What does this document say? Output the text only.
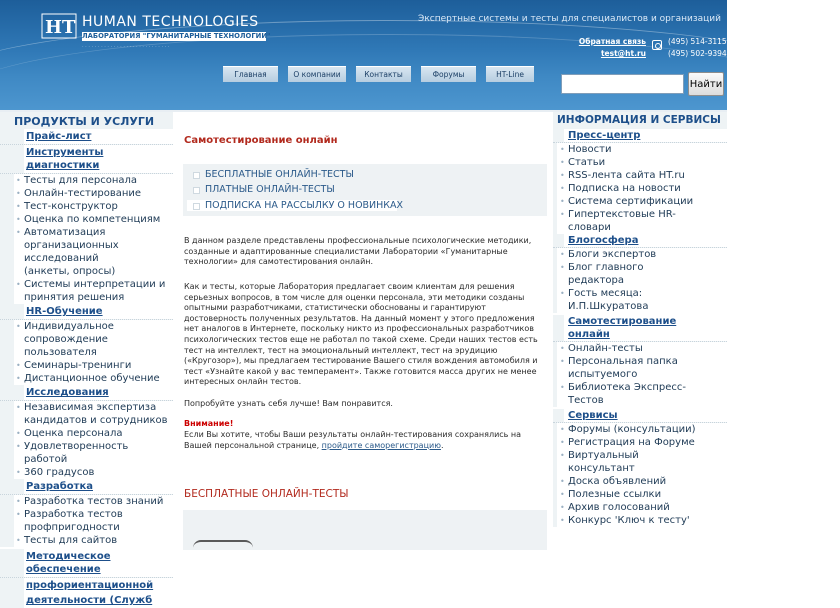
HT HUMAN TECHNOLOGIES
ЛАБОРАТОРИЯ "ГУМАНИТАРНЫЕ ТЕХНОЛОГИИ"
· · · · · · · · · · · · · · · · · · · · · · · · · · · ·
Экспертные системы и тесты для специалистов и организаций
Обратная связь
test@ht.ru
(495) 514-3115
(495) 502-9394
Главная	О компании	Контакты	Форумы	HT-Line
Найти
ПРОДУКТЫ И УСЛУГИ
Прайс-лист
Инструменты диагностики
• Тесты для персонала
• Онлайн-тестирование
• Тест-конструктор
• Оценка по компетенциям
• Автоматизация
организационных исследований
(анкеты, опросы)
• Системы интерпретации и
принятия решения
HR-Обучение
• Индивидуальное
сопровождение пользователя
• Семинары-тренинги
• Дистанционное обучение
Исследования
• Независимая экспертиза
кандидатов и сотрудников
• Оценка персонала
• Удовлетворенность работой
• 360 градусов
Разработка
• Разработка тестов знаний
• Разработка тестов
профпригодности
• Тесты для сайтов
Методическое обеспечение
профориентационной
деятельности (Служб
Самотестирование онлайн
БЕСПЛАТНЫЕ ОНЛАЙН-ТЕСТЫ
ПЛАТНЫЕ ОНЛАЙН-ТЕСТЫ
ПОДПИСКА НА РАССЫЛКУ О НОВИНКАХ
В данном разделе представлены профессиональные психологические методики, созданные и адаптированные специалистами Лаборатории «Гуманитарные технологии» для самотестирования онлайн.
Как и тесты, которые Лаборатория предлагает своим клиентам для решения серьезных вопросов, в том числе для оценки персонала, эти методики созданы опытными разработчиками, статистически обоснованы и гарантируют достоверность полученных результатов. На данный момент у этого предложения нет аналогов в Интернете, поскольку никто из профессиональных разработчиков психологических тестов еще не работал по такой схеме. Среди наших тестов есть тест на интеллект, тест на эмоциональный интеллект, тест на эрудицию («Кругозор»), мы предлагаем тестирование Вашего стиля вождения автомобиля и тест «Узнайте какой у вас темперамент». Также готовится масса других не менее интересных онлайн тестов.
Попробуйте узнать себя лучше! Вам понравится.
Внимание!
Если Вы хотите, чтобы Ваши результаты онлайн-тестирования сохранялись на Вашей персональной странице, пройдите саморегистрацию.
БЕСПЛАТНЫЕ ОНЛАЙН-ТЕСТЫ
ИНФОРМАЦИЯ И СЕРВИСЫ
Пресс-центр
• Новости
• Статьи
• RSS-лента сайта HT.ru
• Подписка на новости
• Система сертификации
• Гипертекстовые HR-
словари
Блогосфера
• Блоги экспертов
• Блог главного
редактора
• Гость месяца:
И.П.Шкуратова
Самотестирование
онлайн
• Онлайн-тесты
• Персональная папка
испытуемого
• Библиотека Экспресс-
Тестов
Сервисы
• Форумы (консультации)
• Регистрация на Форуме
• Виртуальный
консультант
• Доска объявлений
• Полезные ссылки
• Архив голосований
• Конкурс 'Ключ к тесту'
